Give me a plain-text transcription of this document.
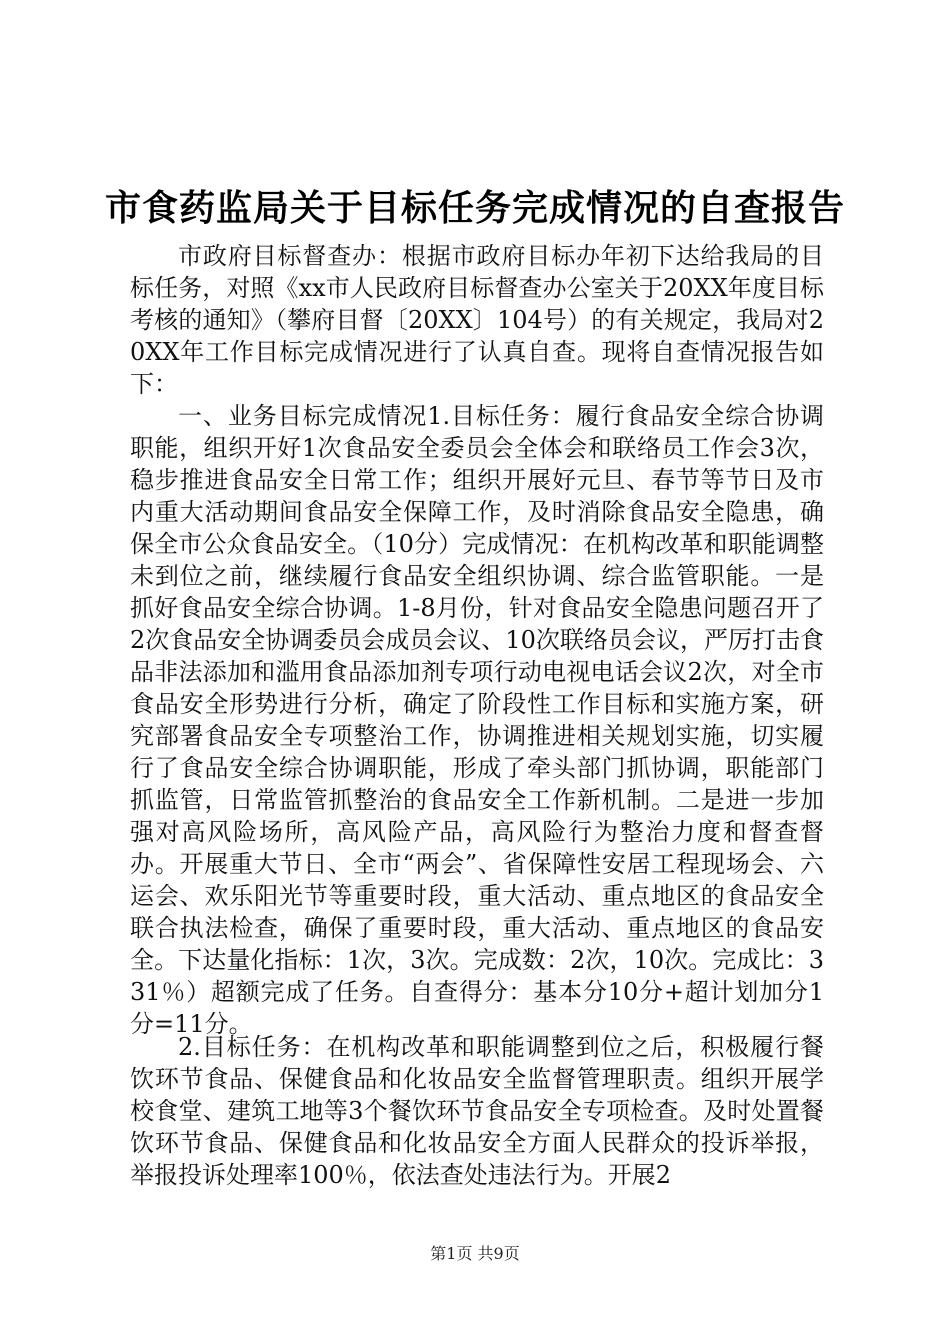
市食药监局关于目标任务完成情况的自查报告

市政府目标督查办：根据市政府目标办年初下达给我局的目标任务，对照《xx市人民政府目标督查办公室关于20XX年度目标考核的通知》（攀府目督〔20XX〕104号）的有关规定，我局对20XX年工作目标完成情况进行了认真自查。现将自查情况报告如下：

一、业务目标完成情况1.目标任务：履行食品安全综合协调职能，组织开好1次食品安全委员会全体会和联络员工作会3次，稳步推进食品安全日常工作；组织开展好元旦、春节等节日及市内重大活动期间食品安全保障工作，及时消除食品安全隐患，确保全市公众食品安全。（10分）完成情况：在机构改革和职能调整未到位之前，继续履行食品安全组织协调、综合监管职能。一是抓好食品安全综合协调。1-8月份，针对食品安全隐患问题召开了2次食品安全协调委员会成员会议、10次联络员会议，严厉打击食品非法添加和滥用食品添加剂专项行动电视电话会议2次，对全市食品安全形势进行分析，确定了阶段性工作目标和实施方案，研究部署食品安全专项整治工作，协调推进相关规划实施，切实履行了食品安全综合协调职能，形成了牵头部门抓协调，职能部门抓监管，日常监管抓整治的食品安全工作新机制。二是进一步加强对高风险场所，高风险产品，高风险行为整治力度和督查督办。开展重大节日、全市“两会”、省保障性安居工程现场会、六运会、欢乐阳光节等重要时段，重大活动、重点地区的食品安全联合执法检查，确保了重要时段，重大活动、重点地区的食品安全。下达量化指标：1次，3次。完成数：2次，10次。完成比：331％）超额完成了任务。自查得分：基本分10分+超计划加分1分=11分。

2.目标任务：在机构改革和职能调整到位之后，积极履行餐饮环节食品、保健食品和化妆品安全监督管理职责。组织开展学校食堂、建筑工地等3个餐饮环节食品安全专项检查。及时处置餐饮环节食品、保健食品和化妆品安全方面人民群众的投诉举报，举报投诉处理率100％，依法查处违法行为。开展2

第1页 共9页
